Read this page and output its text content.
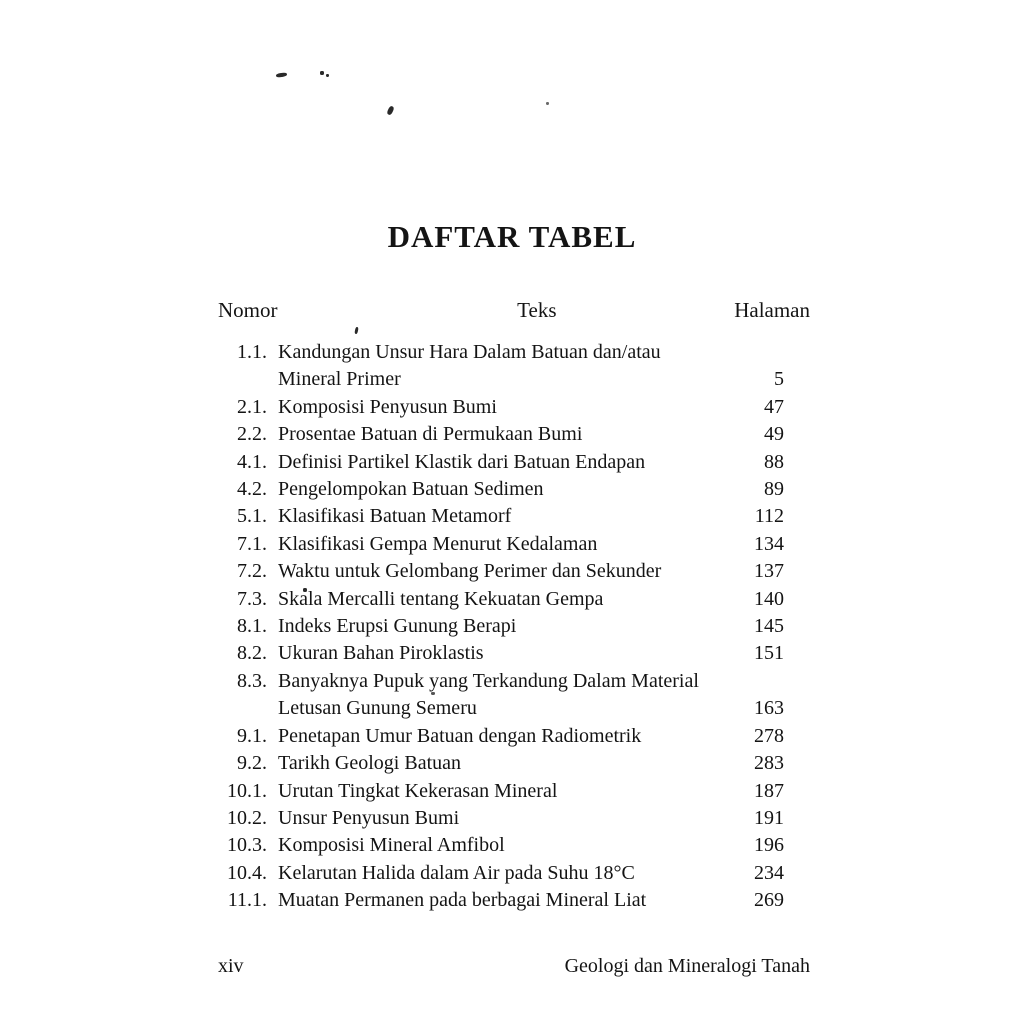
DAFTAR TABEL
Nomor	Teks	Halaman
1.1. Kandungan Unsur Hara Dalam Batuan dan/atau
Mineral Primer	5
2.1. Komposisi Penyusun Bumi	47
2.2. Prosentae Batuan di Permukaan Bumi	49
4.1. Definisi Partikel Klastik dari Batuan Endapan	88
4.2. Pengelompokan Batuan Sedimen	89
5.1. Klasifikasi Batuan Metamorf	112
7.1. Klasifikasi Gempa Menurut Kedalaman	134
7.2. Waktu untuk Gelombang Perimer dan Sekunder	137
7.3. Skala Mercalli tentang Kekuatan Gempa	140
8.1. Indeks Erupsi Gunung Berapi	145
8.2. Ukuran Bahan Piroklastis	151
8.3. Banyaknya Pupuk yang Terkandung Dalam Material
Letusan Gunung Semeru	163
9.1. Penetapan Umur Batuan dengan Radiometrik	278
9.2. Tarikh Geologi Batuan	283
10.1. Urutan Tingkat Kekerasan Mineral	187
10.2. Unsur Penyusun Bumi	191
10.3. Komposisi Mineral Amfibol	196
10.4. Kelarutan Halida dalam Air pada Suhu 18°C	234
11.1. Muatan Permanen pada berbagai Mineral Liat	269
xiv	Geologi dan Mineralogi Tanah
